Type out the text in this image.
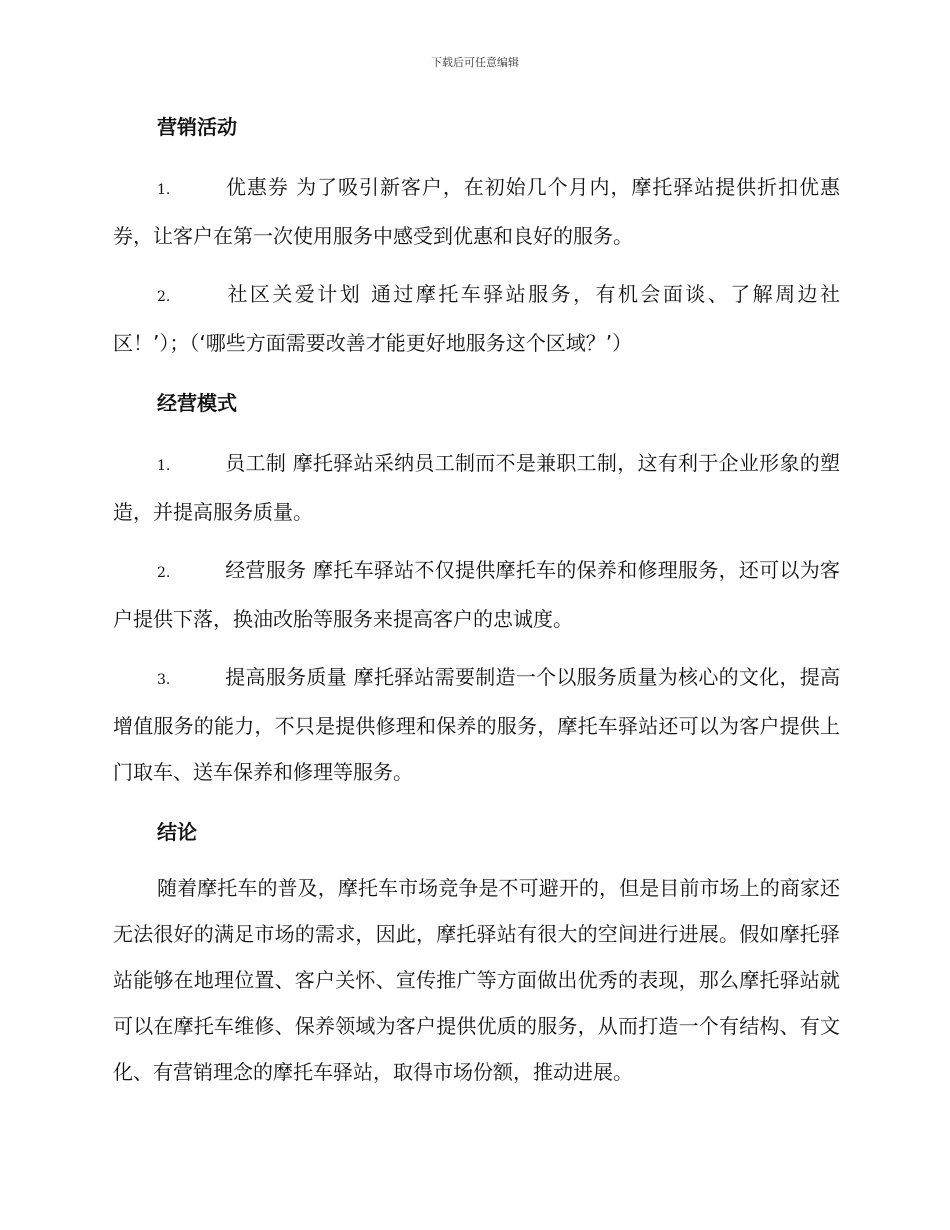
下载后可任意编辑
营销活动

1.	优惠券 为了吸引新客户，在初始几个月内，摩托驿站提供折扣优惠券，让客户在第一次使用服务中感受到优惠和良好的服务。

2.	社区关爱计划 通过摩托车驿站服务，有机会面谈、了解周边社区！’）；（‘哪些方面需要改善才能更好地服务这个区域？’）

经营模式

1.	员工制 摩托驿站采纳员工制而不是兼职工制，这有利于企业形象的塑造，并提高服务质量。

2.	经营服务 摩托车驿站不仅提供摩托车的保养和修理服务，还可以为客户提供下落，换油改胎等服务来提高客户的忠诚度。

3.	提高服务质量 摩托驿站需要制造一个以服务质量为核心的文化，提高增值服务的能力，不只是提供修理和保养的服务，摩托车驿站还可以为客户提供上门取车、送车保养和修理等服务。

结论

随着摩托车的普及，摩托车市场竞争是不可避开的，但是目前市场上的商家还无法很好的满足市场的需求，因此，摩托驿站有很大的空间进行进展。假如摩托驿站能够在地理位置、客户关怀、宣传推广等方面做出优秀的表现，那么摩托驿站就可以在摩托车维修、保养领域为客户提供优质的服务，从而打造一个有结构、有文化、有营销理念的摩托车驿站，取得市场份额，推动进展。
